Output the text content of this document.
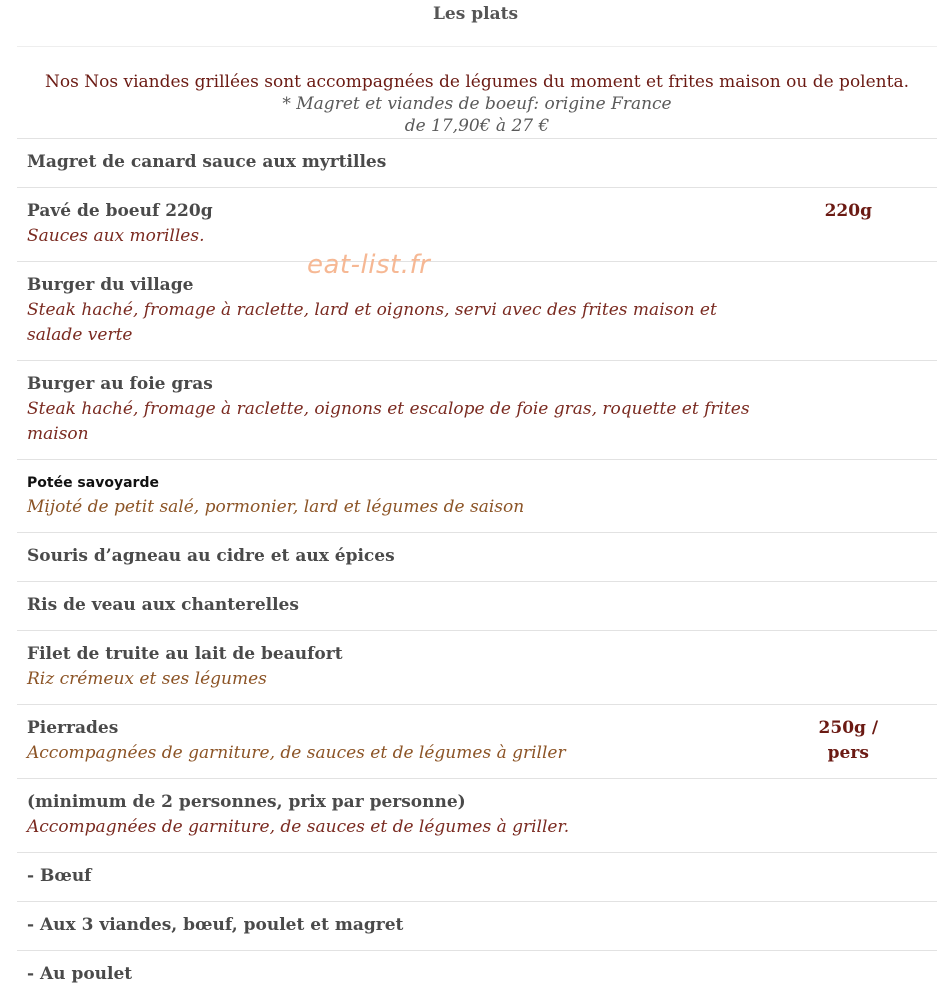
Les plats
Nos Nos viandes grillées sont accompagnées de légumes du moment et frites maison ou de polenta.
* Magret et viandes de boeuf: origine France
de 17,90€ à 27 €
Magret de canard sauce aux myrtilles	

Pavé de boeuf 220g
Sauces aux morilles.	220g

Burger du village
Steak haché, fromage à raclette, lard et oignons, servi avec des frites maison et salade verte	

Burger au foie gras
Steak haché, fromage à raclette, oignons et escalope de foie gras, roquette et frites maison	

Potée savoyarde
Mijoté de petit salé, pormonier, lard et légumes de saison	

Souris d’agneau au cidre et aux épices	

Ris de veau aux chanterelles	

Filet de truite au lait de beaufort
Riz crémeux et ses légumes	

Pierrades
Accompagnées de garniture, de sauces et de légumes à griller	250g / pers

(minimum de 2 personnes, prix par personne)
Accompagnées de garniture, de sauces et de légumes à griller.	

- Bœuf	

- Aux 3 viandes, bœuf, poulet et magret	

- Au poulet	

eat-list.fr
